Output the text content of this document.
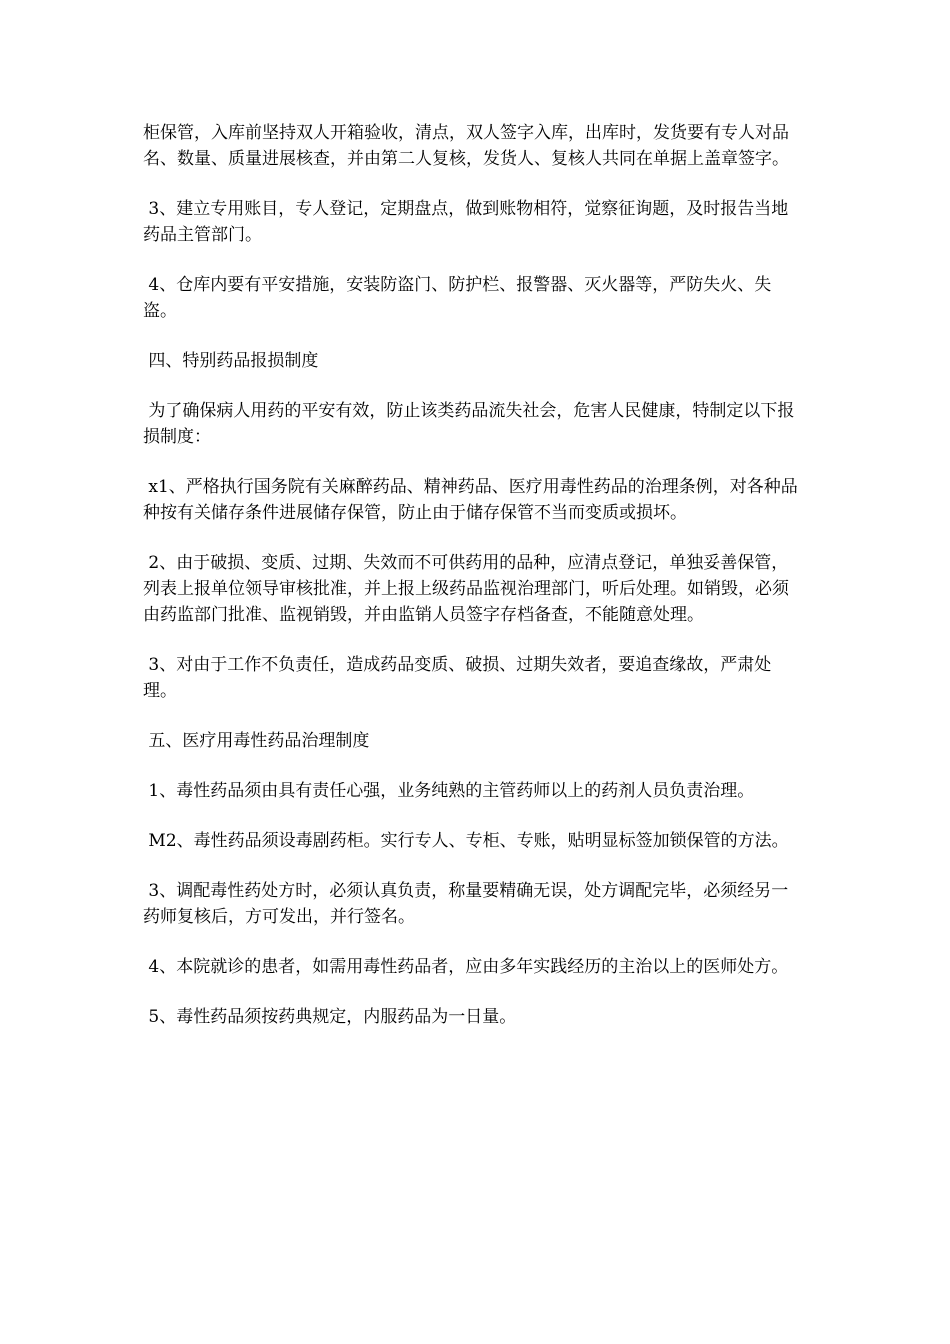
柜保管，入库前坚持双人开箱验收，清点，双人签字入库，出库时，发货要有专人对品名、数量、质量进展核查，并由第二人复核，发货人、复核人共同在单据上盖章签字。

3、建立专用账目，专人登记，定期盘点，做到账物相符，觉察征询题，及时报告当地药品主管部门。

4、仓库内要有平安措施，安装防盗门、防护栏、报警器、灭火器等，严防失火、失盗。

四、特别药品报损制度

为了确保病人用药的平安有效，防止该类药品流失社会，危害人民健康，特制定以下报损制度：

x1、严格执行国务院有关麻醉药品、精神药品、医疗用毒性药品的治理条例，对各种品种按有关储存条件进展储存保管，防止由于储存保管不当而变质或损坏。

2、由于破损、变质、过期、失效而不可供药用的品种，应清点登记，单独妥善保管，列表上报单位领导审核批准，并上报上级药品监视治理部门，听后处理。如销毁，必须由药监部门批准、监视销毁，并由监销人员签字存档备查，不能随意处理。

3、对由于工作不负责任，造成药品变质、破损、过期失效者，要追查缘故，严肃处理。

五、医疗用毒性药品治理制度

1、毒性药品须由具有责任心强，业务纯熟的主管药师以上的药剂人员负责治理。

M2、毒性药品须设毒剧药柜。实行专人、专柜、专账，贴明显标签加锁保管的方法。

3、调配毒性药处方时，必须认真负责，称量要精确无误，处方调配完毕，必须经另一药师复核后，方可发出，并行签名。

4、本院就诊的患者，如需用毒性药品者，应由多年实践经历的主治以上的医师处方。

5、毒性药品须按药典规定，内服药品为一日量。
